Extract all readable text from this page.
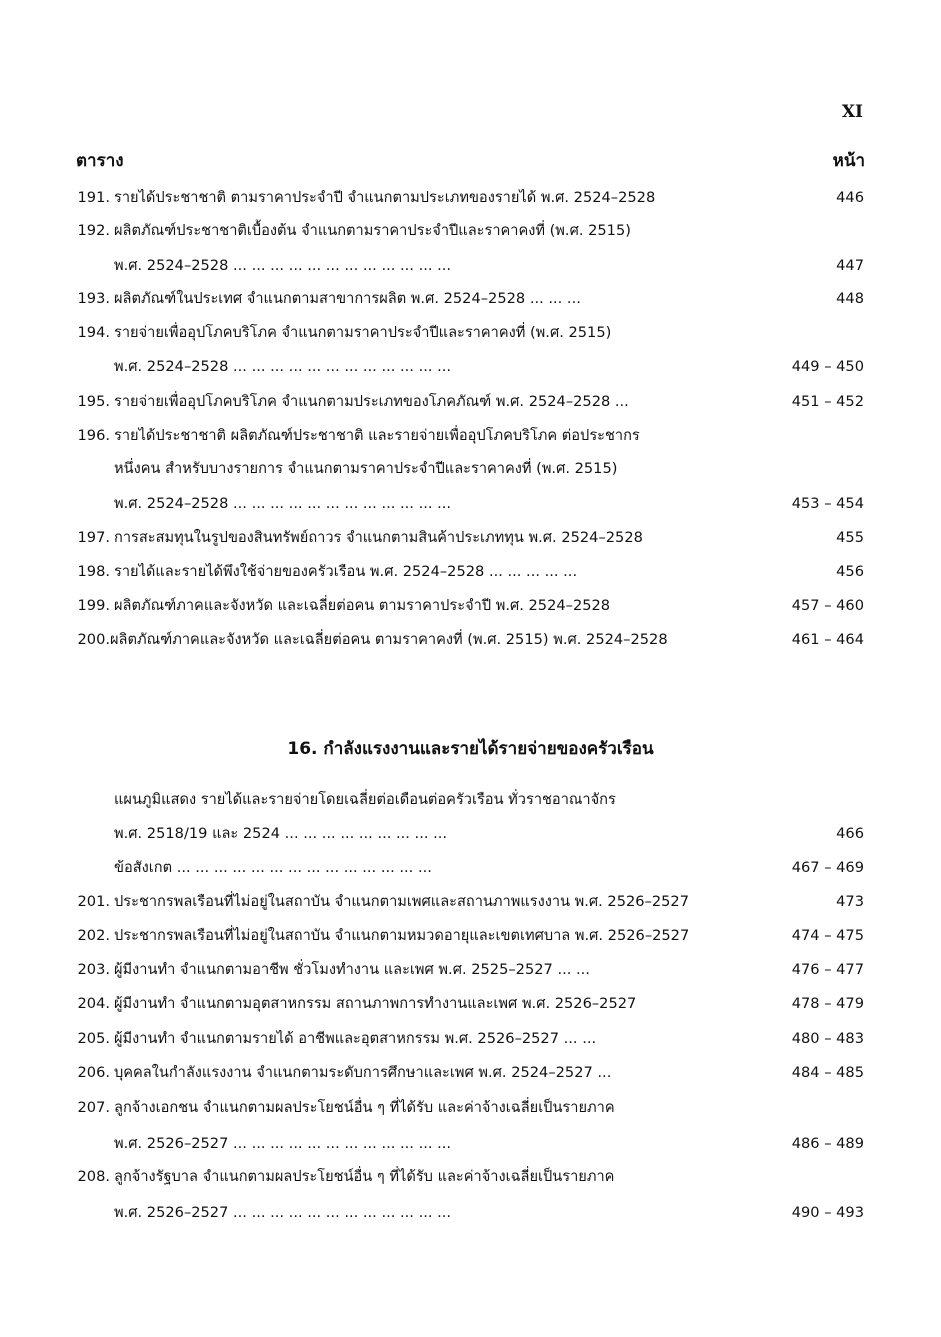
XI
ตาราง	หน้า
191. รายได้ประชาชาติ ตามราคาประจำปี จำแนกตามประเภทของรายได้ พ.ศ. 2524–2528	446
192. ผลิตภัณฑ์ประชาชาติเบื้องต้น จำแนกตามราคาประจำปีและราคาคงที่ (พ.ศ. 2515)
พ.ศ. 2524–2528 ... ... ... ... ... ... ... ... ... ... ... ...	447
193. ผลิตภัณฑ์ในประเทศ จำแนกตามสาขาการผลิต พ.ศ. 2524–2528 ... ... ...	448
194. รายจ่ายเพื่ออุปโภคบริโภค จำแนกตามราคาประจำปีและราคาคงที่ (พ.ศ. 2515)
พ.ศ. 2524–2528 ... ... ... ... ... ... ... ... ... ... ... ...	449 – 450
195. รายจ่ายเพื่ออุปโภคบริโภค จำแนกตามประเภทของโภคภัณฑ์ พ.ศ. 2524–2528 ...	451 – 452
196. รายได้ประชาชาติ ผลิตภัณฑ์ประชาชาติ และรายจ่ายเพื่ออุปโภคบริโภค ต่อประชากร
หนึ่งคน สำหรับบางรายการ จำแนกตามราคาประจำปีและราคาคงที่ (พ.ศ. 2515)
พ.ศ. 2524–2528 ... ... ... ... ... ... ... ... ... ... ... ...	453 – 454
197. การสะสมทุนในรูปของสินทรัพย์ถาวร จำแนกตามสินค้าประเภททุน พ.ศ. 2524–2528	455
198. รายได้และรายได้พึงใช้จ่ายของครัวเรือน พ.ศ. 2524–2528 ... ... ... ... ...	456
199. ผลิตภัณฑ์ภาคและจังหวัด และเฉลี่ยต่อคน ตามราคาประจำปี พ.ศ. 2524–2528	457 – 460
200. ผลิตภัณฑ์ภาคและจังหวัด และเฉลี่ยต่อคน ตามราคาคงที่ (พ.ศ. 2515) พ.ศ. 2524–2528	461 – 464
16. กำลังแรงงานและรายได้รายจ่ายของครัวเรือน
แผนภูมิแสดง รายได้และรายจ่ายโดยเฉลี่ยต่อเดือนต่อครัวเรือน ทั่วราชอาณาจักร
พ.ศ. 2518/19 และ 2524 ... ... ... ... ... ... ... ... ...	466
ข้อสังเกต ... ... ... ... ... ... ... ... ... ... ... ... ... ...	467 – 469
201. ประชากรพลเรือนที่ไม่อยู่ในสถาบัน จำแนกตามเพศและสถานภาพแรงงาน พ.ศ. 2526–2527	473
202. ประชากรพลเรือนที่ไม่อยู่ในสถาบัน จำแนกตามหมวดอายุและเขตเทศบาล พ.ศ. 2526–2527	474 – 475
203. ผู้มีงานทำ จำแนกตามอาชีพ ชั่วโมงทำงาน และเพศ พ.ศ. 2525–2527 ... ...	476 – 477
204. ผู้มีงานทำ จำแนกตามอุตสาหกรรม สถานภาพการทำงานและเพศ พ.ศ. 2526–2527	478 – 479
205. ผู้มีงานทำ จำแนกตามรายได้ อาชีพและอุตสาหกรรม พ.ศ. 2526–2527 ... ...	480 – 483
206. บุคคลในกำลังแรงงาน จำแนกตามระดับการศึกษาและเพศ พ.ศ. 2524–2527 ...	484 – 485
207. ลูกจ้างเอกชน จำแนกตามผลประโยชน์อื่น ๆ ที่ได้รับ และค่าจ้างเฉลี่ยเป็นรายภาค
พ.ศ. 2526–2527 ... ... ... ... ... ... ... ... ... ... ... ...	486 – 489
208. ลูกจ้างรัฐบาล จำแนกตามผลประโยชน์อื่น ๆ ที่ได้รับ และค่าจ้างเฉลี่ยเป็นรายภาค
พ.ศ. 2526–2527 ... ... ... ... ... ... ... ... ... ... ... ...	490 – 493
